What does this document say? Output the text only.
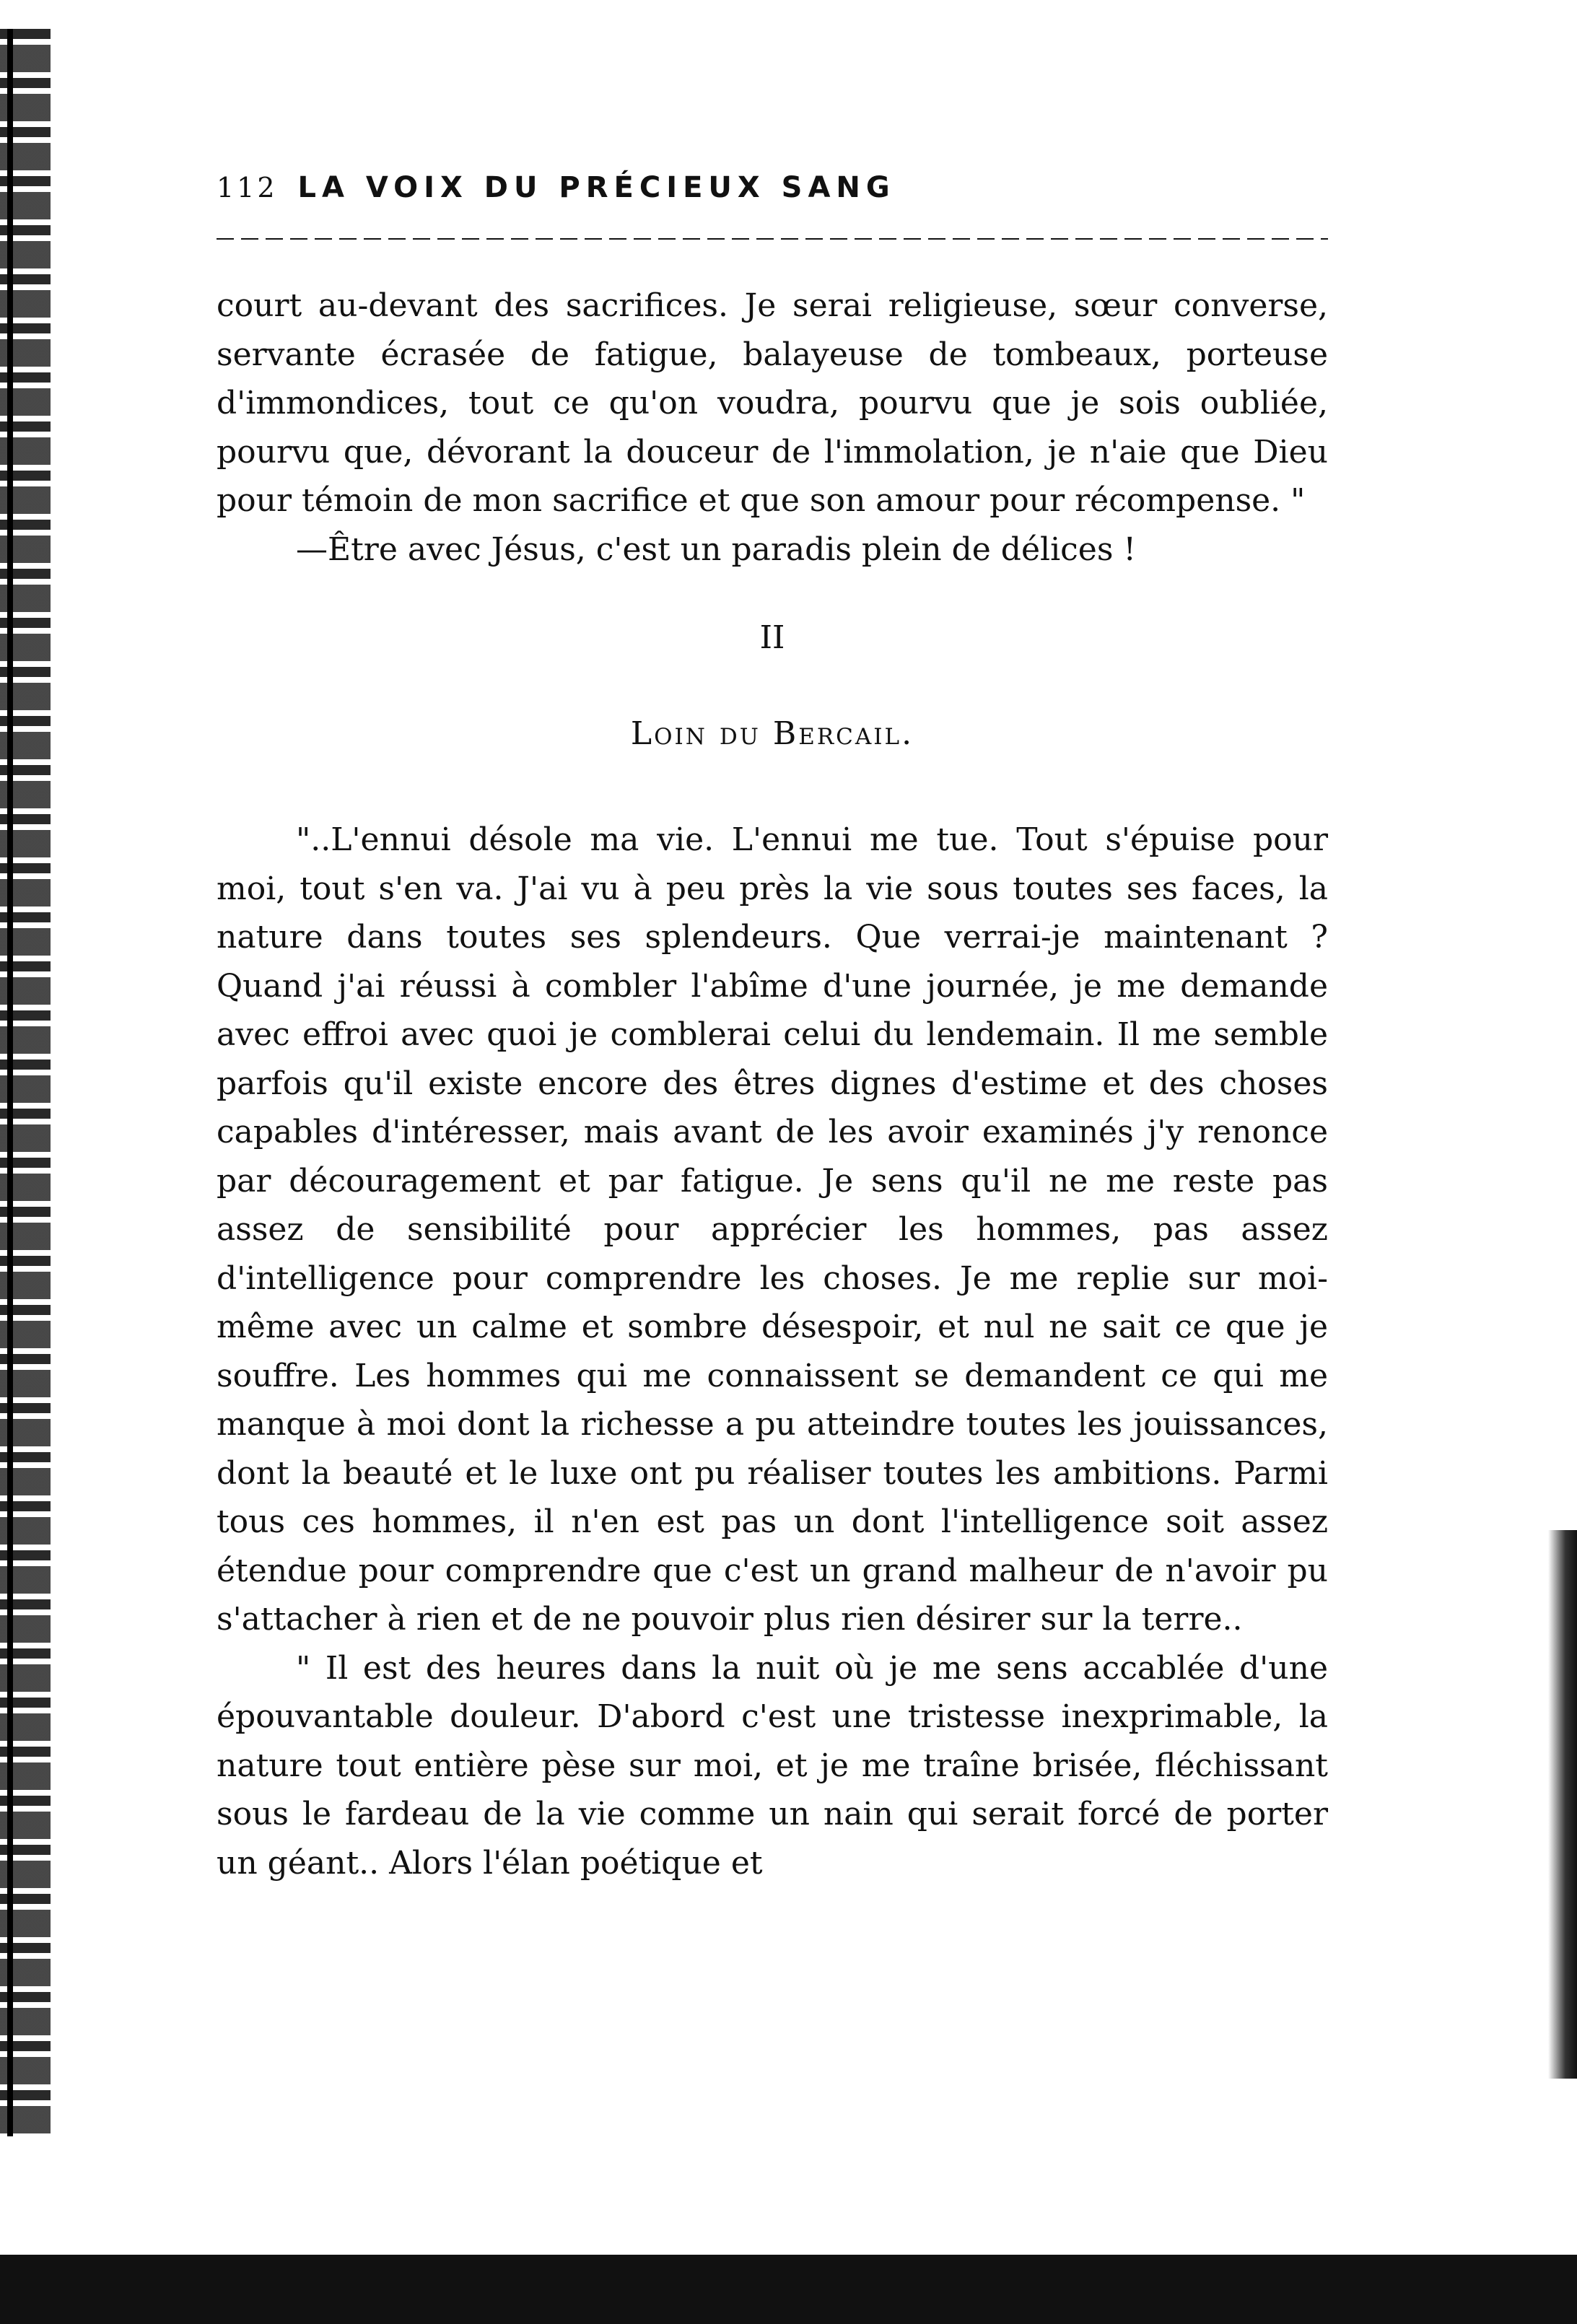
112 LA VOIX DU PRÉCIEUX SANG

court au-devant des sacrifices. Je serai religieuse, sœur converse, servante écrasée de fatigue, balayeuse de tombeaux, porteuse d'immondices, tout ce qu'on voudra, pourvu que je sois oubliée, pourvu que, dévorant la douceur de l'immolation, je n'aie que Dieu pour témoin de mon sacrifice et que son amour pour récompense. "

—Être avec Jésus, c'est un paradis plein de délices !

II
Loin du Bercail.

"..L'ennui désole ma vie. L'ennui me tue. Tout s'épuise pour moi, tout s'en va. J'ai vu à peu près la vie sous toutes ses faces, la nature dans toutes ses splendeurs. Que verrai-je maintenant ? Quand j'ai réussi à combler l'abîme d'une journée, je me demande avec effroi avec quoi je comblerai celui du lendemain. Il me semble parfois qu'il existe encore des êtres dignes d'estime et des choses capables d'intéresser, mais avant de les avoir examinés j'y renonce par découragement et par fatigue. Je sens qu'il ne me reste pas assez de sensibilité pour apprécier les hommes, pas assez d'intelligence pour comprendre les choses. Je me replie sur moi-même avec un calme et sombre désespoir, et nul ne sait ce que je souffre. Les hommes qui me connaissent se demandent ce qui me manque à moi dont la richesse a pu atteindre toutes les jouissances, dont la beauté et le luxe ont pu réaliser toutes les ambitions. Parmi tous ces hommes, il n'en est pas un dont l'intelligence soit assez étendue pour comprendre que c'est un grand malheur de n'avoir pu s'attacher à rien et de ne pouvoir plus rien désirer sur la terre..

" Il est des heures dans la nuit où je me sens accablée d'une épouvantable douleur. D'abord c'est une tristesse inexprimable, la nature tout entière pèse sur moi, et je me traîne brisée, fléchissant sous le fardeau de la vie comme un nain qui serait forcé de porter un géant.. Alors l'élan poétique et
